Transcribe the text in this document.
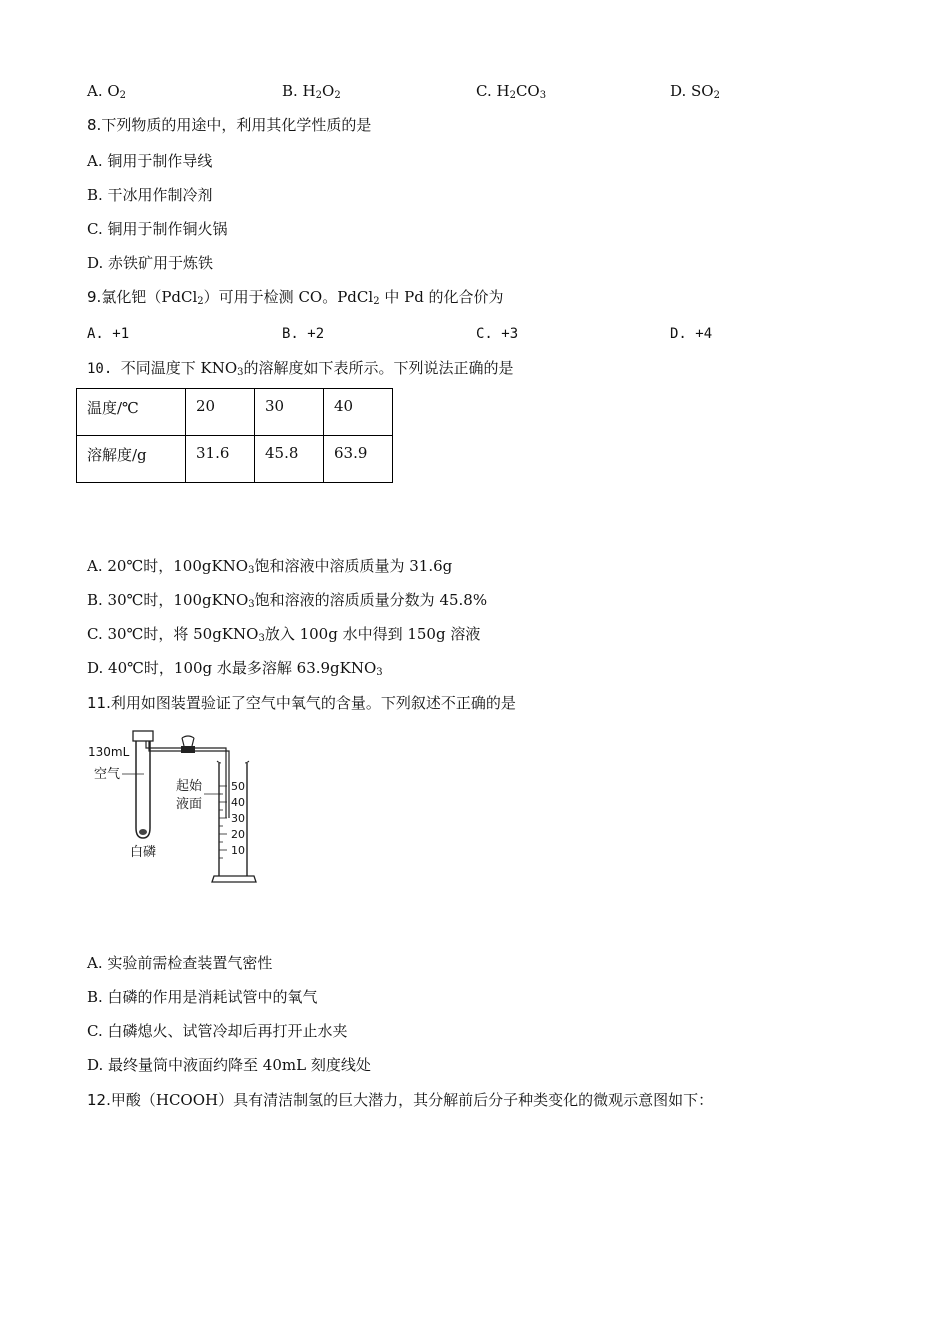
A. $O_2$	B. $H_2O_2$	C. $H_2CO_3$	D. $SO_2$
8.下列物质的用途中，利用其化学性质的是
A. 铜用于制作导线
B. 干冰用作制冷剂
C. 铜用于制作铜火锅
D. 赤铁矿用于炼铁
9.氯化钯（PdCl$_2$）可用于检测 CO。PdCl$_2$ 中 Pd 的化合价为
A. +1	B. +2	C. +3	D. +4
10. 不同温度下 $KNO_3$的溶解度如下表所示。下列说法正确的是
温度/℃	20	30	40
溶解度/g	31.6	45.8	63.9
A. 20℃时，100gKNO$_3$饱和溶液中溶质质量为 31.6g
B. 30℃时，100gKNO$_3$饱和溶液的溶质质量分数为 45.8%
C. 30℃时，将 50gKNO$_3$放入 100g 水中得到 150g 溶液
D. 40℃时，100g 水最多溶解 63.9gKNO$_3$
11.利用如图装置验证了空气中氧气的含量。下列叙述不正确的是
50
40
30
20
10
130mL
空气
起始
液面
白磷
A. 实验前需检查装置气密性
B. 白磷的作用是消耗试管中的氧气
C. 白磷熄火、试管冷却后再打开止水夹
D. 最终量筒中液面约降至 40mL 刻度线处
12.甲酸（HCOOH）具有清洁制氢的巨大潜力，其分解前后分子种类变化的微观示意图如下：
